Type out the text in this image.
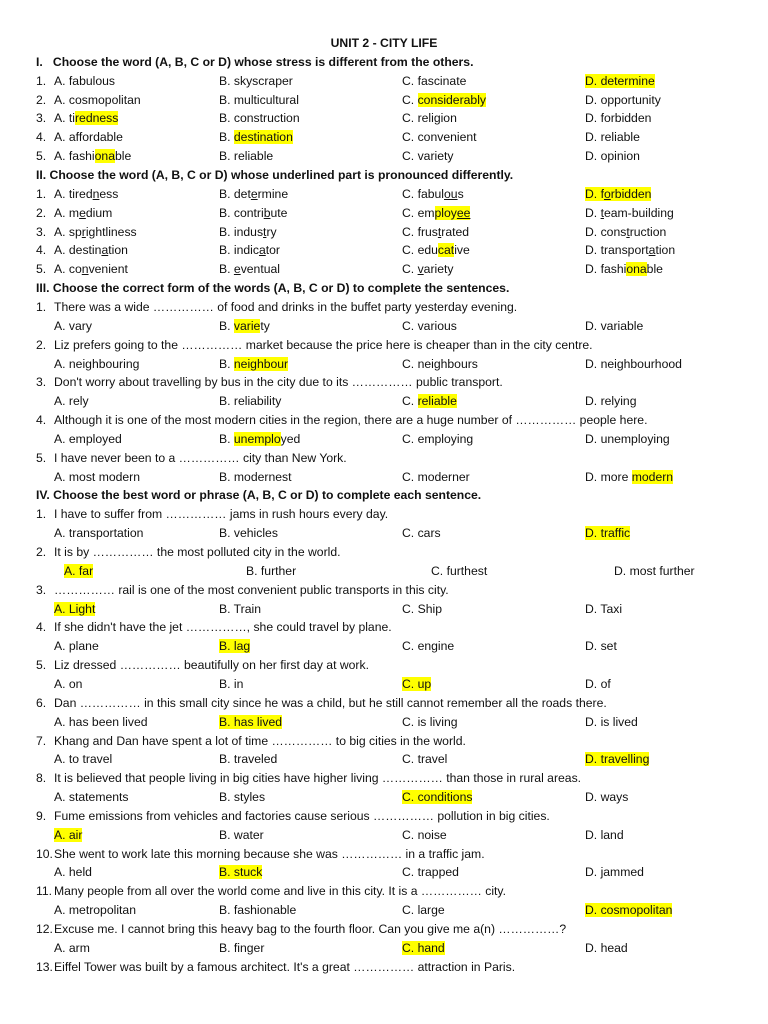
UNIT 2 - CITY LIFE
I.   Choose the word (A, B, C or D) whose stress is different from the others.
1. A. fabulous	B. skyscraper	C. fascinate	D. determine
2. A. cosmopolitan	B. multicultural	C. considerably	D. opportunity
3. A. tiredness	B. construction	C. religion	D. forbidden
4. A. affordable	B. destination	C. convenient	D. reliable
5. A. fashionable	B. reliable	C. variety	D. opinion
II. Choose the word (A, B, C or D) whose underlined part is pronounced differently.
1. A. tiredness	B. determine	C. fabulous	D. forbidden
2. A. medium	B. contribute	C. employee	D. team-building
3. A. sprightliness	B. industry	C. frustrated	D. construction
4. A. destination	B. indicator	C. educative	D. transportation
5. A. convenient	B. eventual	C. variety	D. fashionable
III. Choose the correct form of the words (A, B, C or D) to complete the sentences.
1. There was a wide …………… of food and drinks in the buffet party yesterday evening.
A. vary	B. variety	C. various	D. variable
2. Liz prefers going to the …………… market because the price here is cheaper than in the city centre.
A. neighbouring	B. neighbour	C. neighbours	D. neighbourhood
3. Don't worry about travelling by bus in the city due to its …………… public transport.
A. rely	B. reliability	C. reliable	D. relying
4. Although it is one of the most modern cities in the region, there are a huge number of …………… people here.
A. employed	B. unemployed	C. employing	D. unemploying
5. I have never been to a …………… city than New York.
A. most modern	B. modernest	C. moderner	D. more modern
IV. Choose the best word or phrase (A, B, C or D) to complete each sentence.
1. I have to suffer from …………… jams in rush hours every day.
A. transportation	B. vehicles	C. cars	D. traffic
2. It is by …………… the most polluted city in the world.
A. far	B. further	C. furthest	D. most further
3. …………… rail is one of the most convenient public transports in this city.
A. Light	B. Train	C. Ship	D. Taxi
4. If she didn't have the jet ……………, she could travel by plane.
A. plane	B. lag	C. engine	D. set
5. Liz dressed …………… beautifully on her first day at work.
A. on	B. in	C. up	D. of
6. Dan …………… in this small city since he was a child, but he still cannot remember all the roads there.
A. has been lived	B. has lived	C. is living	D. is lived
7. Khang and Dan have spent a lot of time …………… to big cities in the world.
A. to travel	B. traveled	C. travel	D. travelling
8. It is believed that people living in big cities have higher living …………… than those in rural areas.
A. statements	B. styles	C. conditions	D. ways
9. Fume emissions from vehicles and factories cause serious …………… pollution in big cities.
A. air	B. water	C. noise	D. land
10. She went to work late this morning because she was …………… in a traffic jam.
A. held	B. stuck	C. trapped	D. jammed
11. Many people from all over the world come and live in this city. It is a …………… city.
A. metropolitan	B. fashionable	C. large	D. cosmopolitan
12. Excuse me. I cannot bring this heavy bag to the fourth floor. Can you give me a(n) ……………?
A. arm	B. finger	C. hand	D. head
13. Eiffel Tower was built by a famous architect. It's a great …………… attraction in Paris.
